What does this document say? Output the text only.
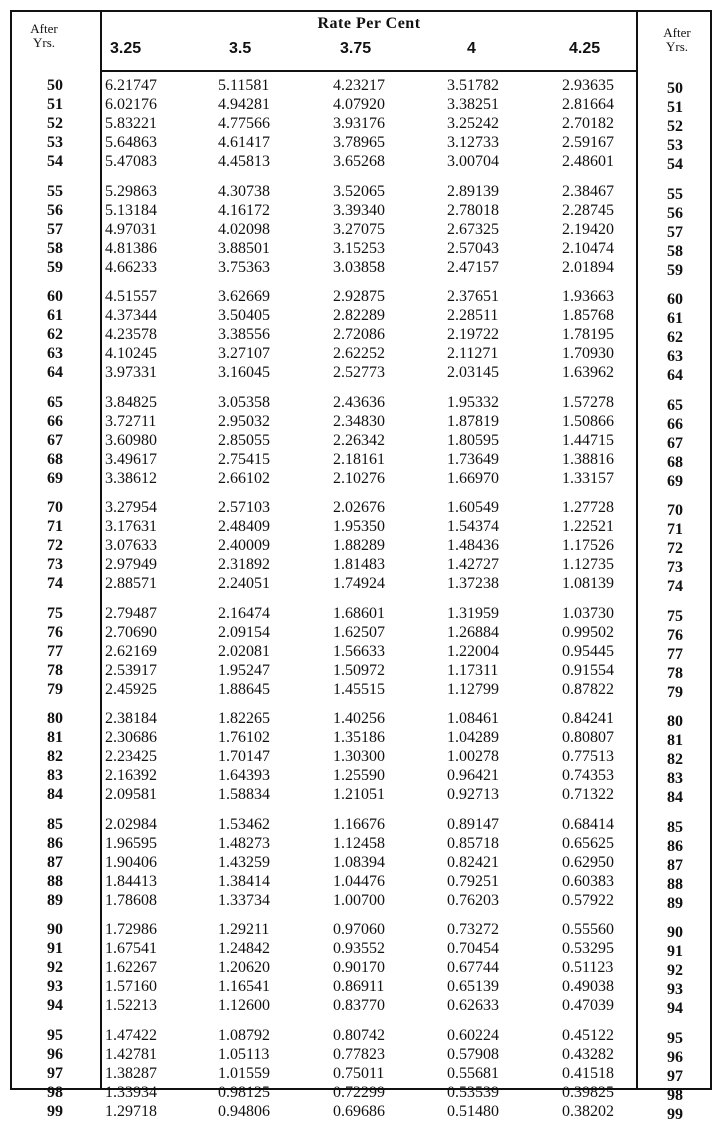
After
Yrs.
After
Yrs.
Rate Per Cent
3.25	3.5	3.75	4	4.25
50	6.21747	5.11581	4.23217	3.51782	2.93635	50
51	6.02176	4.94281	4.07920	3.38251	2.81664	51
52	5.83221	4.77566	3.93176	3.25242	2.70182	52
53	5.64863	4.61417	3.78965	3.12733	2.59167	53
54	5.47083	4.45813	3.65268	3.00704	2.48601	54
55	5.29863	4.30738	3.52065	2.89139	2.38467	55
56	5.13184	4.16172	3.39340	2.78018	2.28745	56
57	4.97031	4.02098	3.27075	2.67325	2.19420	57
58	4.81386	3.88501	3.15253	2.57043	2.10474	58
59	4.66233	3.75363	3.03858	2.47157	2.01894	59
60	4.51557	3.62669	2.92875	2.37651	1.93663	60
61	4.37344	3.50405	2.82289	2.28511	1.85768	61
62	4.23578	3.38556	2.72086	2.19722	1.78195	62
63	4.10245	3.27107	2.62252	2.11271	1.70930	63
64	3.97331	3.16045	2.52773	2.03145	1.63962	64
65	3.84825	3.05358	2.43636	1.95332	1.57278	65
66	3.72711	2.95032	2.34830	1.87819	1.50866	66
67	3.60980	2.85055	2.26342	1.80595	1.44715	67
68	3.49617	2.75415	2.18161	1.73649	1.38816	68
69	3.38612	2.66102	2.10276	1.66970	1.33157	69
70	3.27954	2.57103	2.02676	1.60549	1.27728	70
71	3.17631	2.48409	1.95350	1.54374	1.22521	71
72	3.07633	2.40009	1.88289	1.48436	1.17526	72
73	2.97949	2.31892	1.81483	1.42727	1.12735	73
74	2.88571	2.24051	1.74924	1.37238	1.08139	74
75	2.79487	2.16474	1.68601	1.31959	1.03730	75
76	2.70690	2.09154	1.62507	1.26884	0.99502	76
77	2.62169	2.02081	1.56633	1.22004	0.95445	77
78	2.53917	1.95247	1.50972	1.17311	0.91554	78
79	2.45925	1.88645	1.45515	1.12799	0.87822	79
80	2.38184	1.82265	1.40256	1.08461	0.84241	80
81	2.30686	1.76102	1.35186	1.04289	0.80807	81
82	2.23425	1.70147	1.30300	1.00278	0.77513	82
83	2.16392	1.64393	1.25590	0.96421	0.74353	83
84	2.09581	1.58834	1.21051	0.92713	0.71322	84
85	2.02984	1.53462	1.16676	0.89147	0.68414	85
86	1.96595	1.48273	1.12458	0.85718	0.65625	86
87	1.90406	1.43259	1.08394	0.82421	0.62950	87
88	1.84413	1.38414	1.04476	0.79251	0.60383	88
89	1.78608	1.33734	1.00700	0.76203	0.57922	89
90	1.72986	1.29211	0.97060	0.73272	0.55560	90
91	1.67541	1.24842	0.93552	0.70454	0.53295	91
92	1.62267	1.20620	0.90170	0.67744	0.51123	92
93	1.57160	1.16541	0.86911	0.65139	0.49038	93
94	1.52213	1.12600	0.83770	0.62633	0.47039	94
95	1.47422	1.08792	0.80742	0.60224	0.45122	95
96	1.42781	1.05113	0.77823	0.57908	0.43282	96
97	1.38287	1.01559	0.75011	0.55681	0.41518	97
98	1.33934	0.98125	0.72299	0.53539	0.39825	98
99	1.29718	0.94806	0.69686	0.51480	0.38202	99
